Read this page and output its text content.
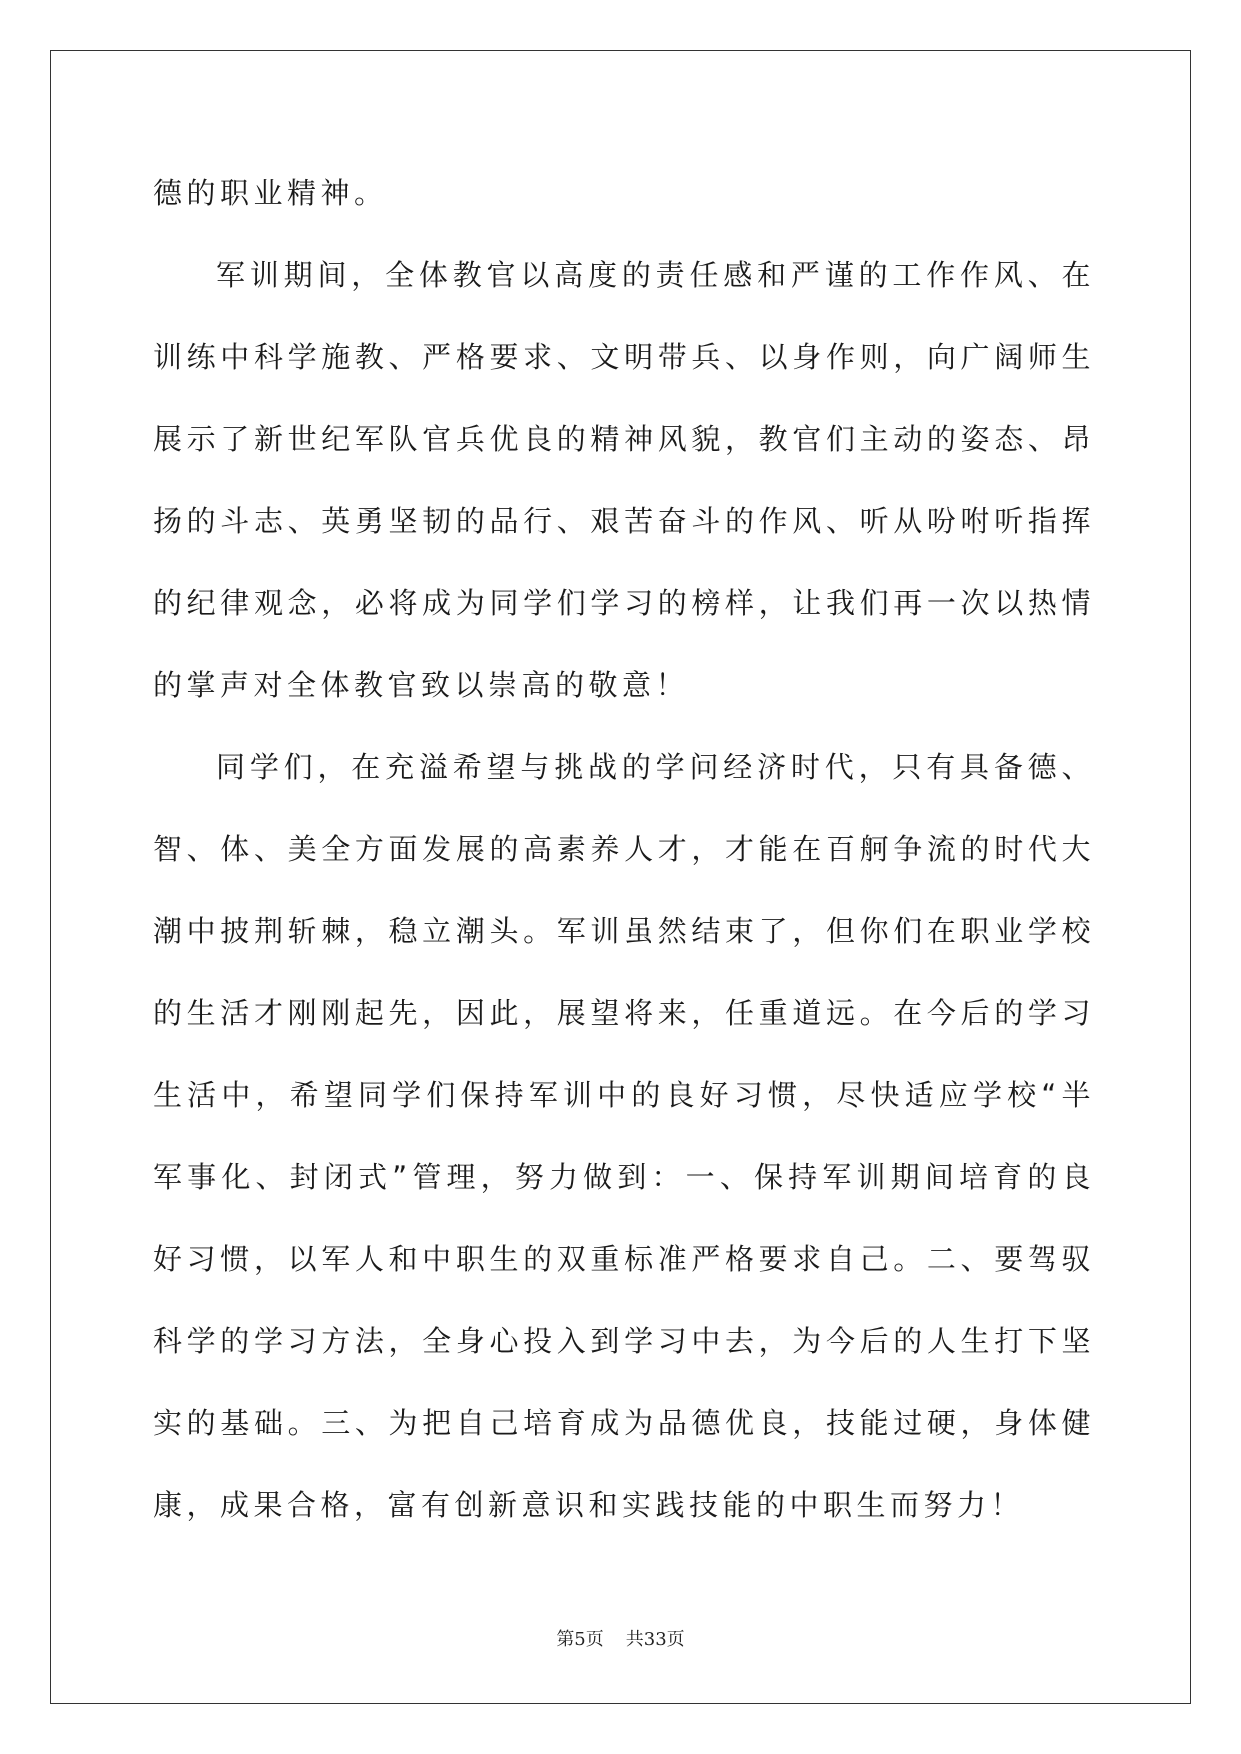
德的职业精神。

军训期间，全体教官以高度的责任感和严谨的工作作风、在训练中科学施教、严格要求、文明带兵、以身作则，向广阔师生展示了新世纪军队官兵优良的精神风貌，教官们主动的姿态、昂扬的斗志、英勇坚韧的品行、艰苦奋斗的作风、听从吩咐听指挥的纪律观念，必将成为同学们学习的榜样，让我们再一次以热情的掌声对全体教官致以崇高的敬意！

同学们，在充溢希望与挑战的学问经济时代，只有具备德、智、体、美全方面发展的高素养人才，才能在百舸争流的时代大潮中披荆斩棘，稳立潮头。军训虽然结束了，但你们在职业学校的生活才刚刚起先，因此，展望将来，任重道远。在今后的学习生活中，希望同学们保持军训中的良好习惯，尽快适应学校“半军事化、封闭式”管理，努力做到：一、保持军训期间培育的良好习惯，以军人和中职生的双重标准严格要求自己。二、要驾驭科学的学习方法，全身心投入到学习中去，为今后的人生打下坚实的基础。三、为把自己培育成为品德优良，技能过硬，身体健康，成果合格，富有创新意识和实践技能的中职生而努力！

第5页 共33页
